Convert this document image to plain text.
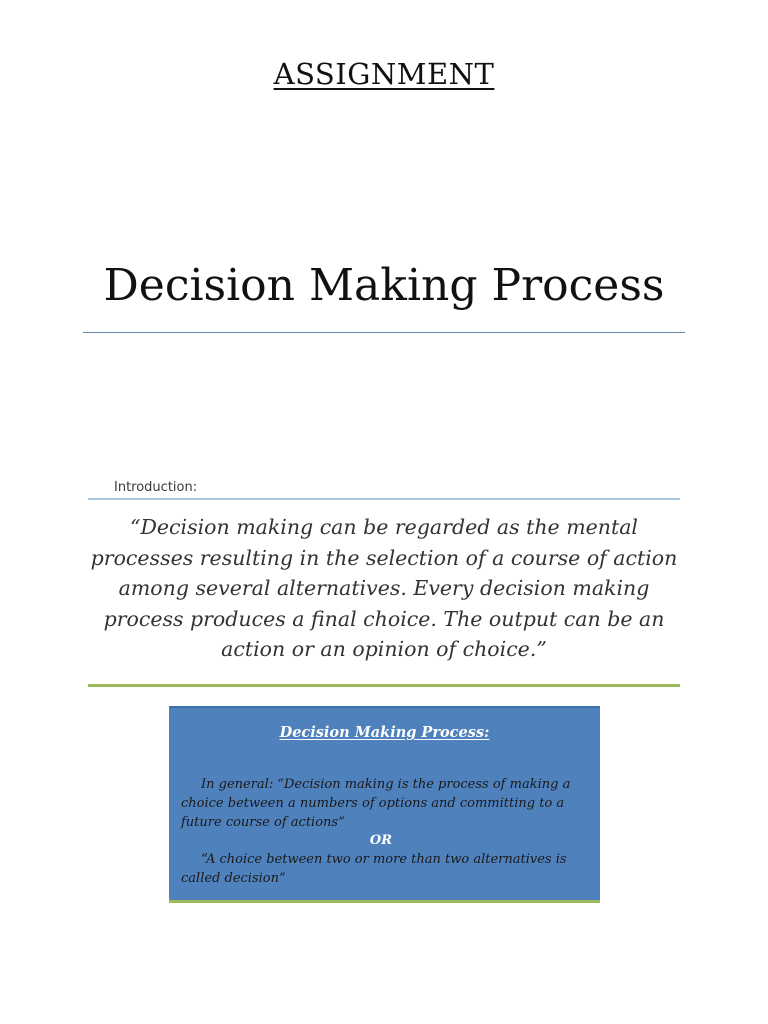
ASSIGNMENT
Decision Making Process
Introduction:
“Decision making can be regarded as the mental processes resulting in the selection of a course of action among several alternatives. Every decision making process produces a final choice. The output can be an action or an opinion of choice.”
Decision Making Process:

In general: “Decision making is the process of making a choice between a numbers of options and committing to a future course of actions”

OR

“A choice between two or more than two alternatives is called decision”
